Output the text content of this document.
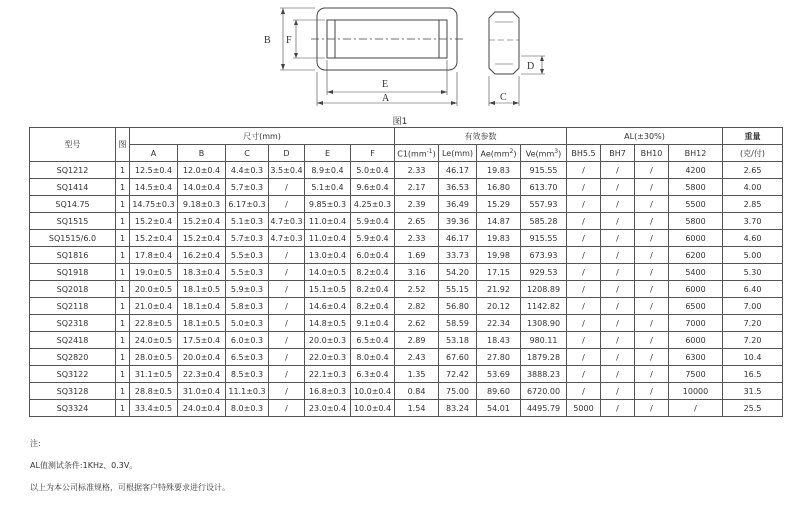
B F
E
A	C
D
图1
型号	图	尺寸(mm)						有效参数				AL(±30%)				重量
		A	B	C	D	E	F	$C1(mm^{-1})$	Le(mm)	$Ae(mm^2)$	$Ve(mm^3)$	BH5.5	BH7	BH10	BH12	(克/付)
SQ1212	1	12.5±0.4	12.0±0.4	4.4±0.3	3.5±0.4	8.9±0.4	5.0±0.4	2.33	46.17	19.83	915.55	/	/	/	4200	2.65
SQ1414	1	14.5±0.4	14.0±0.4	5.7±0.3	/	5.1±0.4	9.6±0.4	2.17	36.53	16.80	613.70	/	/	/	5800	4.00
SQ14.75	1	14.75±0.3	9.18±0.3	6.17±0.3	/	9.85±0.3	4.25±0.3	2.39	36.49	15.29	557.93	/	/	/	5500	2.85
SQ1515	1	15.2±0.4	15.2±0.4	5.1±0.3	4.7±0.3	11.0±0.4	5.9±0.4	2.65	39.36	14.87	585.28	/	/	/	5800	3.70
SQ1515/6.0	1	15.2±0.4	15.2±0.4	5.7±0.3	4.7±0.3	11.0±0.4	5.9±0.4	2.33	46.17	19.83	915.55	/	/	/	6000	4.60
SQ1816	1	17.8±0.4	16.2±0.4	5.5±0.3	/	13.0±0.4	6.0±0.4	1.69	33.73	19.98	673.93	/	/	/	6200	5.00
SQ1918	1	19.0±0.5	18.3±0.4	5.5±0.3	/	14.0±0.5	8.2±0.4	3.16	54.20	17.15	929.53	/	/	/	5400	5.30
SQ2018	1	20.0±0.5	18.1±0.5	5.9±0.3	/	15.1±0.5	8.2±0.4	2.52	55.15	21.92	1208.89	/	/	/	6000	6.40
SQ2118	1	21.0±0.4	18.1±0.4	5.8±0.3	/	14.6±0.4	8.2±0.4	2.82	56.80	20.12	1142.82	/	/	/	6500	7.00
SQ2318	1	22.8±0.5	18.1±0.5	5.0±0.3	/	14.8±0.5	9.1±0.4	2.62	58.59	22.34	1308.90	/	/	/	7000	7.20
SQ2418	1	24.0±0.5	17.5±0.4	6.0±0.3	/	20.0±0.3	6.5±0.4	2.89	53.18	18.43	980.11	/	/	/	6000	7.20
SQ2820	1	28.0±0.5	20.0±0.4	6.5±0.3	/	22.0±0.3	8.0±0.4	2.43	67.60	27.80	1879.28	/	/	/	6300	10.4
SQ3122	1	31.1±0.5	22.3±0.4	8.5±0.3	/	22.1±0.3	6.3±0.4	1.35	72.42	53.69	3888.23	/	/	/	7500	16.5
SQ3128	1	28.8±0.5	31.0±0.4	11.1±0.3	/	16.8±0.3	10.0±0.4	0.84	75.00	89.60	6720.00	/	/	/	10000	31.5
SQ3324	1	33.4±0.5	24.0±0.4	8.0±0.3	/	23.0±0.4	10.0±0.4	1.54	83.24	54.01	4495.79	5000	/	/	/	25.5
注:
AL值测试条件:1KHz、0.3V。
以上为本公司标准规格，可根据客户特殊要求进行设计。
